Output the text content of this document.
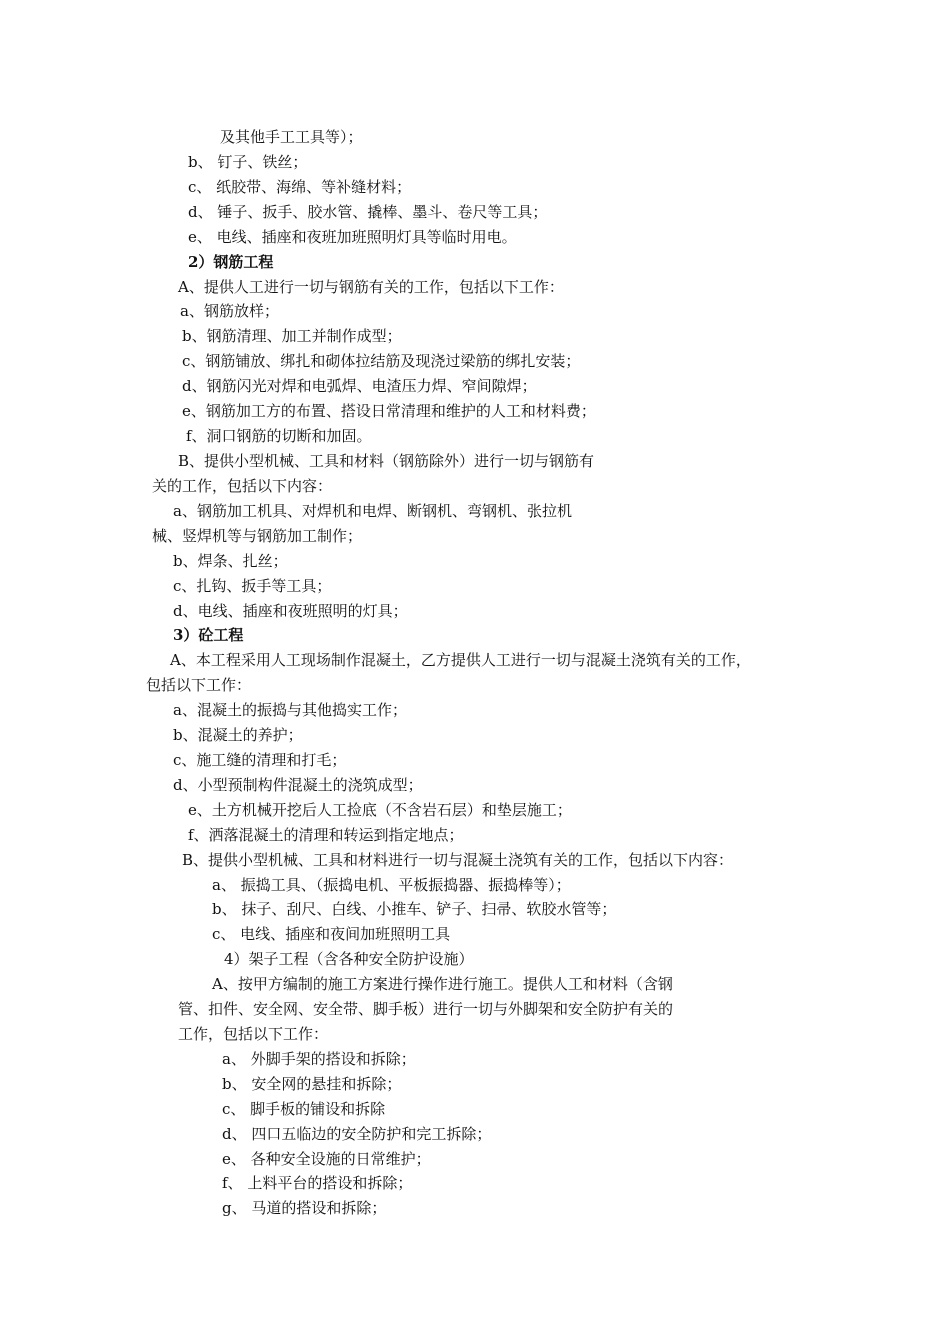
及其他手工工具等）；
b、 钉子、铁丝；
c、 纸胶带、海绵、等补缝材料；
d、 锤子、扳手、胶水管、撬棒、墨斗、卷尺等工具；
e、 电线、插座和夜班加班照明灯具等临时用电。
2）钢筋工程
A、提供人工进行一切与钢筋有关的工作，包括以下工作：
a、钢筋放样；
b、钢筋清理、加工并制作成型；
c、钢筋铺放、绑扎和砌体拉结筋及现浇过梁筋的绑扎安装；
d、钢筋闪光对焊和电弧焊、电渣压力焊、窄间隙焊；
e、钢筋加工方的布置、搭设日常清理和维护的人工和材料费；
f、洞口钢筋的切断和加固。
B、提供小型机械、工具和材料（钢筋除外）进行一切与钢筋有
关的工作，包括以下内容：
a、钢筋加工机具、对焊机和电焊、断钢机、弯钢机、张拉机
械、竖焊机等与钢筋加工制作；
b、焊条、扎丝；
c、扎钩、扳手等工具；
d、电线、插座和夜班照明的灯具；
3）砼工程
A、本工程采用人工现场制作混凝土，乙方提供人工进行一切与混凝土浇筑有关的工作，
包括以下工作：
a、混凝土的振捣与其他捣实工作；
b、混凝土的养护；
c、施工缝的清理和打毛；
d、小型预制构件混凝土的浇筑成型；
e、土方机械开挖后人工捡底（不含岩石层）和垫层施工；
f、洒落混凝土的清理和转运到指定地点；
B、提供小型机械、工具和材料进行一切与混凝土浇筑有关的工作，包括以下内容：
a、 振捣工具、（振捣电机、平板振捣器、振捣棒等）；
b、 抹子、刮尺、白线、小推车、铲子、扫帚、软胶水管等；
c、 电线、插座和夜间加班照明工具
4）架子工程（含各种安全防护设施）
A、按甲方编制的施工方案进行操作进行施工。提供人工和材料（含钢
管、扣件、安全网、安全带、脚手板）进行一切与外脚架和安全防护有关的
工作，包括以下工作：
a、 外脚手架的搭设和拆除；
b、 安全网的悬挂和拆除；
c、 脚手板的铺设和拆除
d、 四口五临边的安全防护和完工拆除；
e、 各种安全设施的日常维护；
f、 上料平台的搭设和拆除；
g、 马道的搭设和拆除；
